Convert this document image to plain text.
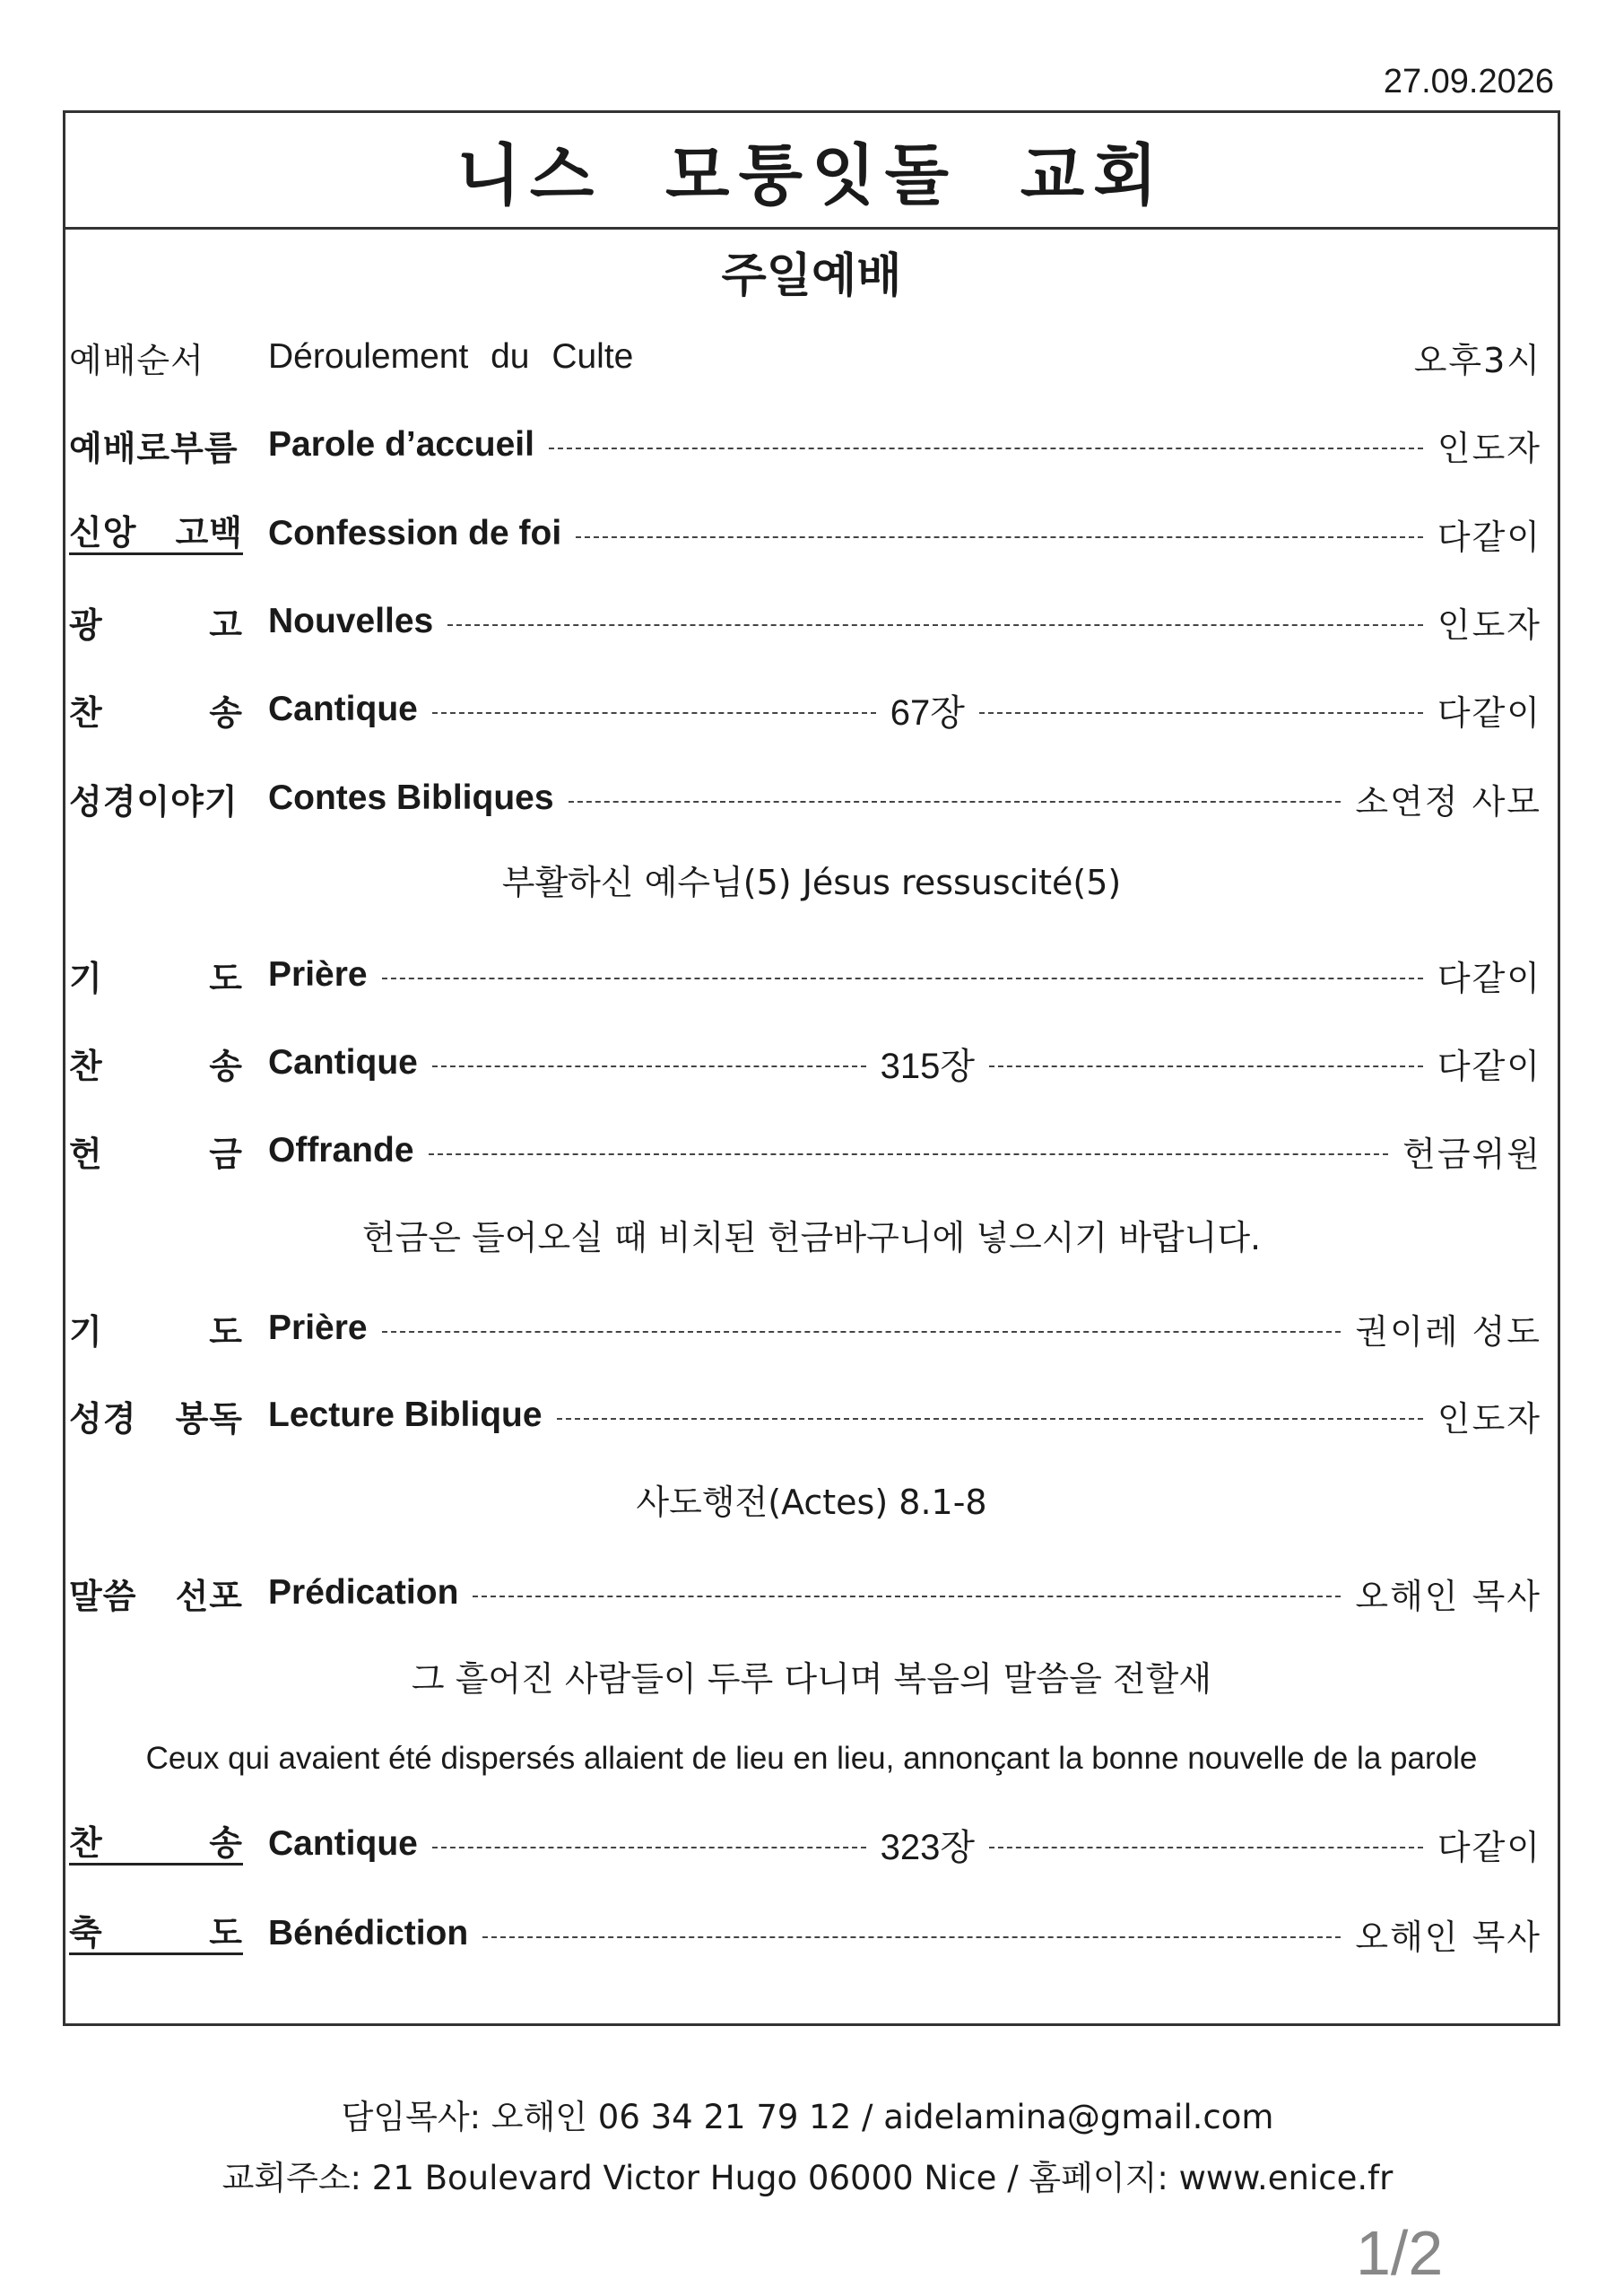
27.09.2026
니스 모퉁잇돌 교회
주일예배
예배순서	Déroulement du Culte	오후3시
예배로부름 Parole d’accueil	인도자
신앙 고백 Confession de foi	다같이
광	고 Nouvelles	인도자
찬	송 Cantique	67장	다같이
성경이야기 Contes Bibliques	소연정 사모
기	도 Prière	다같이
찬	송 Cantique	315장	다같이
헌	금 Offrande	헌금위원
기	도 Prière	권이레 성도
성경 봉독 Lecture Biblique	인도자
말씀 선포 Prédication	오해인 목사
찬	송 Cantique	323장	다같이
축	도 Bénédiction	오해인 목사
부활하신 예수님(5) Jésus ressuscité(5)
헌금은 들어오실 때 비치된 헌금바구니에 넣으시기 바랍니다.
사도행전(Actes) 8.1-8
그 흩어진 사람들이 두루 다니며 복음의 말씀을 전할새
Ceux qui avaient été dispersés allaient de lieu en lieu, annonçant la bonne nouvelle de la parole
담임목사: 오해인 06 34 21 79 12 / aidelamina@gmail.com
교회주소: 21 Boulevard Victor Hugo 06000 Nice / 홈페이지: www.enice.fr
1/2
